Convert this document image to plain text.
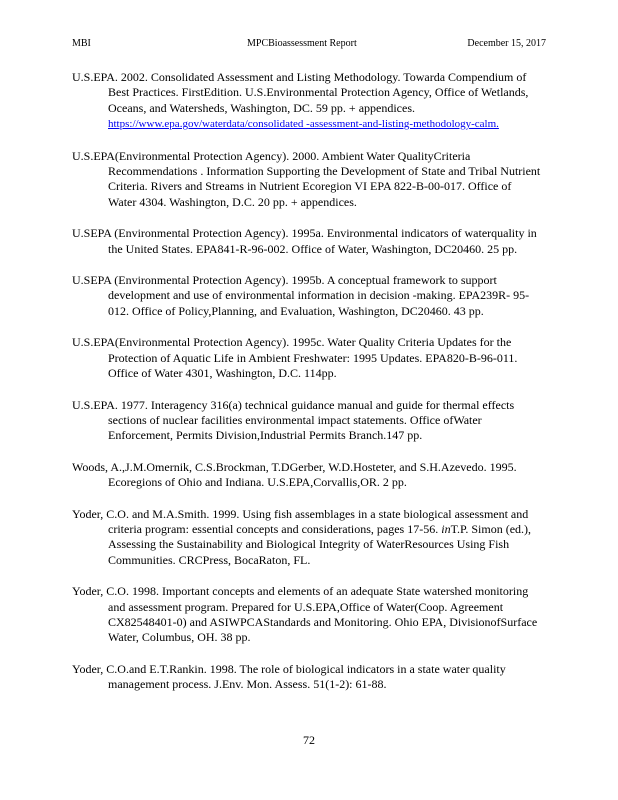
MBI	MPCBioassessment Report	December 15, 2017

U.S.EPA. 2002. Consolidated Assessment and Listing Methodology. Towarda Compendium of Best Practices. FirstEdition. U.S.Environmental Protection Agency, Office of Wetlands, Oceans, and Watersheds, Washington, DC. 59 pp. + appendices.
https://www.epa.gov/waterdata/consolidated -assessment-and-listing-methodology-calm.

U.S.EPA(Environmental Protection Agency). 2000. Ambient Water QualityCriteria Recommendations . Information Supporting the Development of State and Tribal Nutrient Criteria. Rivers and Streams in Nutrient Ecoregion VI EPA 822-B-00-017. Office of Water 4304. Washington, D.C. 20 pp. + appendices.

U.SEPA (Environmental Protection Agency). 1995a. Environmental indicators of waterquality in the United States. EPA841-R-96-002. Office of Water, Washington, DC20460. 25 pp.

U.SEPA (Environmental Protection Agency). 1995b. A conceptual framework to support development and use of environmental information in decision -making. EPA239R- 95-012. Office of Policy,Planning, and Evaluation, Washington, DC20460. 43 pp.

U.S.EPA(Environmental Protection Agency). 1995c. Water Quality Criteria Updates for the Protection of Aquatic Life in Ambient Freshwater: 1995 Updates. EPA820-B-96-011. Office of Water 4301, Washington, D.C. 114pp.

U.S.EPA. 1977. Interagency 316(a) technical guidance manual and guide for thermal effects sections of nuclear facilities environmental impact statements. Office ofWater Enforcement, Permits Division,Industrial Permits Branch.147 pp.

Woods, A.,J.M.Omernik, C.S.Brockman, T.DGerber, W.D.Hosteter, and S.H.Azevedo. 1995. Ecoregions of Ohio and Indiana. U.S.EPA,Corvallis,OR. 2 pp.

Yoder, C.O. and M.A.Smith. 1999. Using fish assemblages in a state biological assessment and criteria program: essential concepts and considerations, pages 17-56. inT.P. Simon (ed.), Assessing the Sustainability and Biological Integrity of WaterResources Using Fish Communities. CRCPress, BocaRaton, FL.

Yoder, C.O. 1998. Important concepts and elements of an adequate State watershed monitoring and assessment program. Prepared for U.S.EPA,Office of Water(Coop. Agreement CX82548401-0) and ASIWPCAStandards and Monitoring. Ohio EPA, DivisionofSurface Water, Columbus, OH. 38 pp.

Yoder, C.O.and E.T.Rankin. 1998. The role of biological indicators in a state water quality management process. J.Env. Mon. Assess. 51(1-2): 61-88.

72
